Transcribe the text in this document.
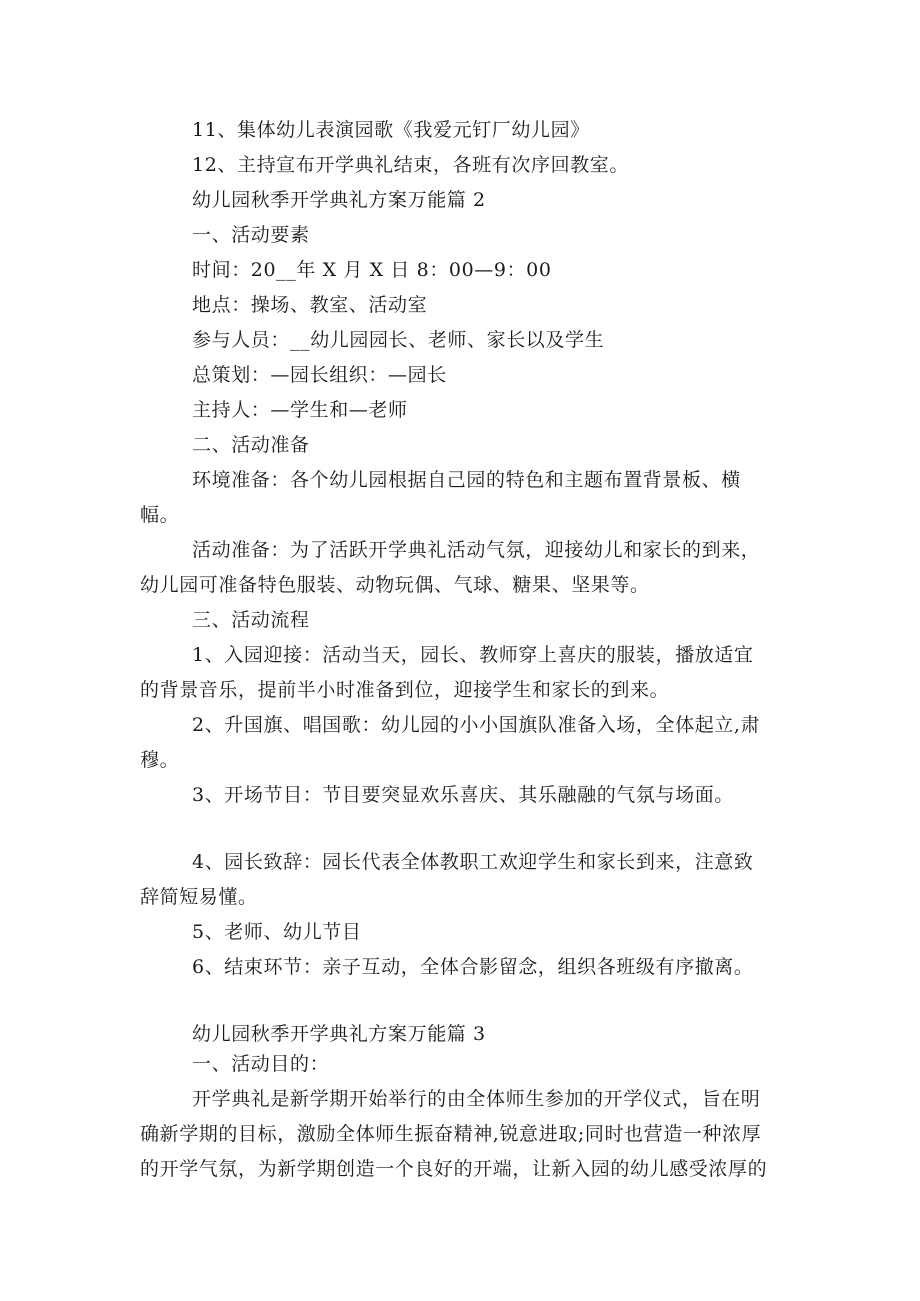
11、集体幼儿表演园歌《我爱元钉厂幼儿园》
12、主持宣布开学典礼结束，各班有次序回教室。
幼儿园秋季开学典礼方案万能篇 2
一、活动要素
时间：20__年 X 月 X 日 8：00—9：00
地点：操场、教室、活动室
参与人员：__幼儿园园长、老师、家长以及学生
总策划：—园长组织：—园长
主持人：—学生和—老师
二、活动准备
环境准备：各个幼儿园根据自己园的特色和主题布置背景板、横
幅。
活动准备：为了活跃开学典礼活动气氛，迎接幼儿和家长的到来，
幼儿园可准备特色服装、动物玩偶、气球、糖果、坚果等。
三、活动流程
1、入园迎接：活动当天，园长、教师穿上喜庆的服装，播放适宜
的背景音乐，提前半小时准备到位，迎接学生和家长的到来。
2、升国旗、唱国歌：幼儿园的小小国旗队准备入场，全体起立,肃
穆。
3、开场节目：节目要突显欢乐喜庆、其乐融融的气氛与场面。
4、园长致辞：园长代表全体教职工欢迎学生和家长到来，注意致
辞简短易懂。
5、老师、幼儿节目
6、结束环节：亲子互动，全体合影留念，组织各班级有序撤离。
幼儿园秋季开学典礼方案万能篇 3
一、活动目的：
开学典礼是新学期开始举行的由全体师生参加的开学仪式，旨在明
确新学期的目标，激励全体师生振奋精神,锐意进取;同时也营造一种浓厚
的开学气氛，为新学期创造一个良好的开端，让新入园的幼儿感受浓厚的
